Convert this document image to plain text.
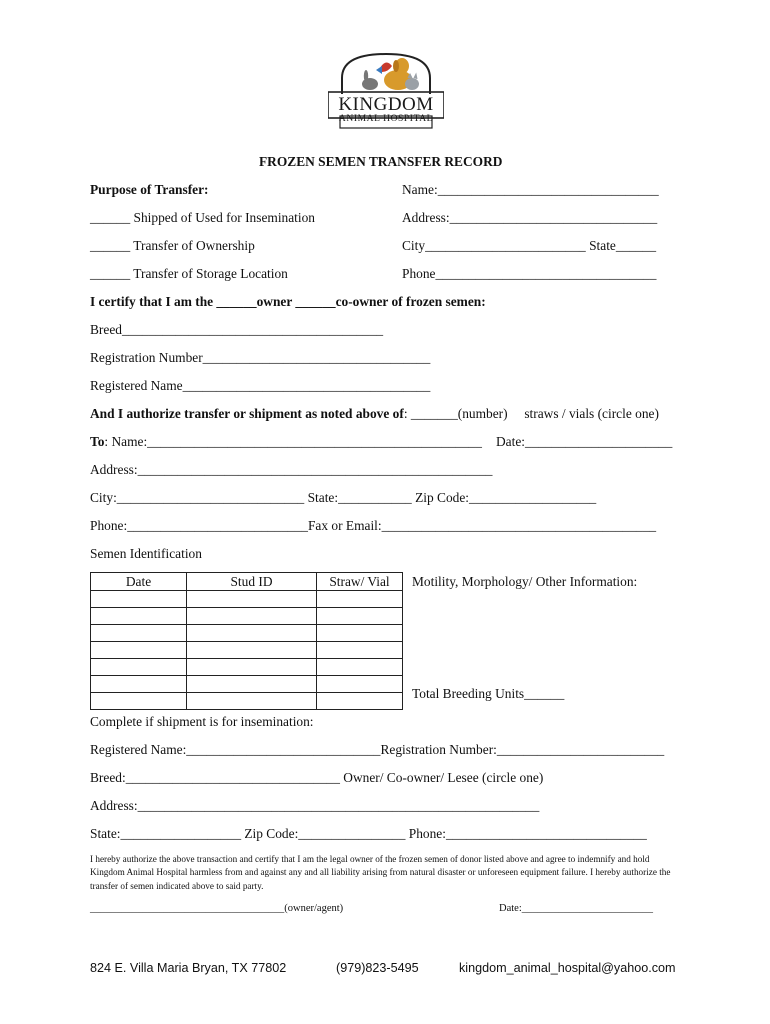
KINGDOM
ANIMAL HOSPITAL
FROZEN SEMEN TRANSFER RECORD
Purpose of Transfer:	Name:_________________________________
______ Shipped of Used for Insemination	Address:_______________________________
______ Transfer of Ownership	City________________________ State______
______ Transfer of Storage Location	Phone_________________________________
I certify that I am the ______owner ______co-owner of frozen semen:
Breed_______________________________________
Registration Number__________________________________
Registered Name_____________________________________
And I authorize transfer or shipment as noted above of: _______(number)     straws / vials (circle one)
To: Name:__________________________________________________ Date:______________________
Address:_____________________________________________________
City:____________________________ State:___________ Zip Code:___________________
Phone:___________________________Fax or Email:_________________________________________
Semen Identification
Date	Stud ID	Straw/ Vial

		Motility, Morphology/ Other Information:
Total Breeding Units______
Complete if shipment is for insemination:
Registered Name:_____________________________Registration Number:_________________________
Breed:________________________________ Owner/ Co-owner/ Lesee (circle one)
Address:____________________________________________________________
State:__________________ Zip Code:________________ Phone:______________________________
I hereby authorize the above transaction and certify that I am the legal owner of the frozen semen of donor listed above and agree to indemnify and hold Kingdom Animal Hospital harmless from and against any and all liability arising from natural disaster or unforeseen equipment failure. I hereby authorize the transfer of semen indicated above to said party.
_____________________________________(owner/agent)	Date:_________________________
824 E. Villa Maria Bryan, TX 77802	(979)823-5495	kingdom_animal_hospital@yahoo.com
